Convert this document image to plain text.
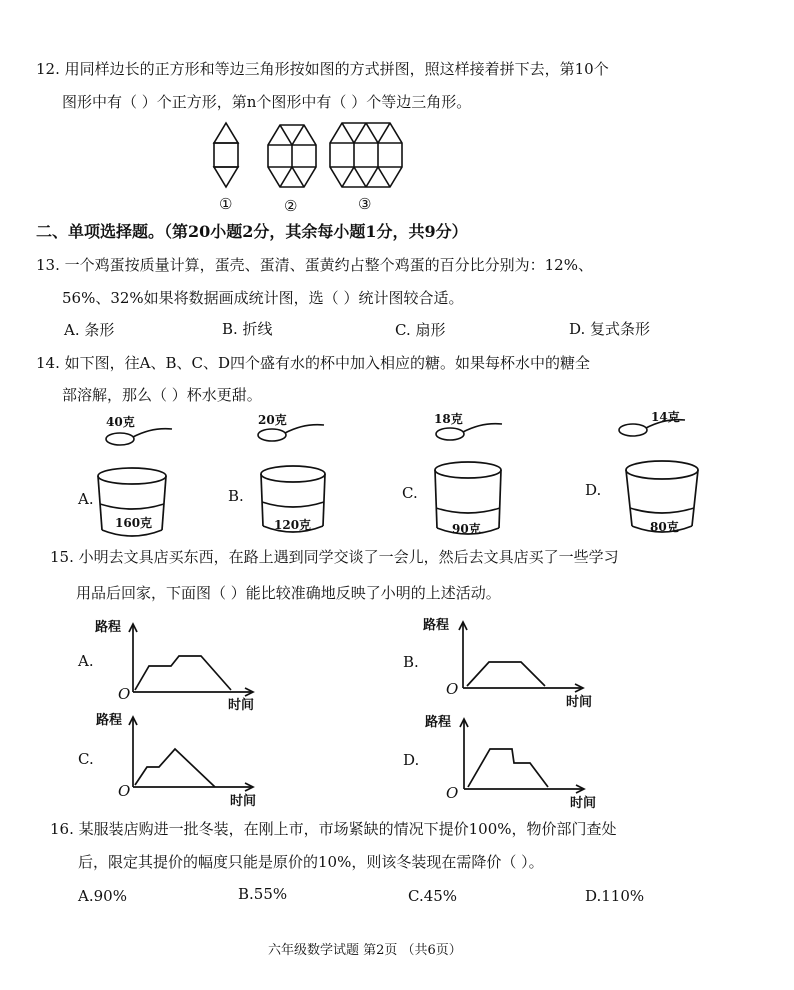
12. 用同样边长的正方形和等边三角形按如图的方式拼图，照这样接着拼下去，第10个
图形中有（ ）个正方形，第n个图形中有（ ）个等边三角形。
①	②	③
二、单项选择题。（第20小题2分，其余每小题1分，共9分）
13. 一个鸡蛋按质量计算，蛋壳、蛋清、蛋黄约占整个鸡蛋的百分比分别为：12%、
56%、32%如果将数据画成统计图，选（ ）统计图较合适。
A. 条形	B. 折线	C. 扇形	D. 复式条形
14. 如下图，往A、B、C、D四个盛有水的杯中加入相应的糖。如果每杯水中的糖全
部溶解，那么（ ）杯水更甜。
40克
A.
160克
20克
B.
120克
18克
C.
90克
14克
D.
80克
15. 小明去文具店买东西，在路上遇到同学交谈了一会儿，然后去文具店买了一些学习
用品后回家，下面图（ ）能比较准确地反映了小明的上述活动。
路程
A.
O
时间
路程
B.
O
时间
路程
C.
O
时间
路程
D.
O
时间
16. 某服装店购进一批冬装，在刚上市，市场紧缺的情况下提价100%，物价部门查处
后，限定其提价的幅度只能是原价的10%，则该冬装现在需降价（ ）。
A.90%	B.55%	C.45%	D.110%
六年级数学试题 第2页 （共6页）
